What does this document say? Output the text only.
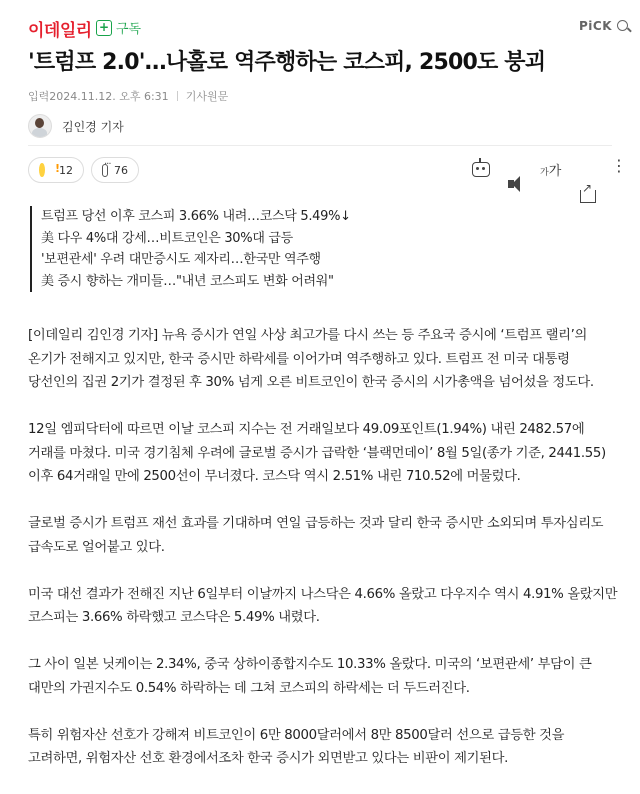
이데일리 + 구독	PiCK
'트럼프 2.0'…나홀로 역주행하는 코스피, 2500도 붕괴
입력2024.11.12. 오후 6:31 기사원문
김인경 기자
!
12
···	76	가가
↗	⋮
트럼프 당선 이후 코스피 3.66% 내려…코스닥 5.49%↓
美 다우 4%대 강세…비트코인은 30%대 급등
'보편관세' 우려 대만증시도 제자리…한국만 역주행
美 증시 향하는 개미들…"내년 코스피도 변화 어려워"

[이데일리 김인경 기자] 뉴욕 증시가 연일 사상 최고가를 다시 쓰는 등 주요국 증시에 ‘트럼프 랠리’의 온기가 전해지고 있지만, 한국 증시만 하락세를 이어가며 역주행하고 있다. 트럼프 전 미국 대통령 당선인의 집권 2기가 결정된 후 30% 넘게 오른 비트코인이 한국 증시의 시가총액을 넘어섰을 정도다.

12일 엠피닥터에 따르면 이날 코스피 지수는 전 거래일보다 49.09포인트(1.94%) 내린 2482.57에 거래를 마쳤다. 미국 경기침체 우려에 글로벌 증시가 급락한 ‘블랙먼데이’ 8월 5일(종가 기준, 2441.55) 이후 64거래일 만에 2500선이 무너졌다. 코스닥 역시 2.51% 내린 710.52에 머물렀다.

글로벌 증시가 트럼프 재선 효과를 기대하며 연일 급등하는 것과 달리 한국 증시만 소외되며 투자심리도 급속도로 얼어붙고 있다.

미국 대선 결과가 전해진 지난 6일부터 이날까지 나스닥은 4.66% 올랐고 다우지수 역시 4.91% 올랐지만 코스피는 3.66% 하락했고 코스닥은 5.49% 내렸다.

그 사이 일본 닛케이는 2.34%, 중국 상하이종합지수도 10.33% 올랐다. 미국의 ‘보편관세’ 부담이 큰 대만의 가권지수도 0.54% 하락하는 데 그쳐 코스피의 하락세는 더 두드러진다.

특히 위험자산 선호가 강해져 비트코인이 6만 8000달러에서 8만 8500달러 선으로 급등한 것을 고려하면, 위험자산 선호 환경에서조차 한국 증시가 외면받고 있다는 비판이 제기된다.
